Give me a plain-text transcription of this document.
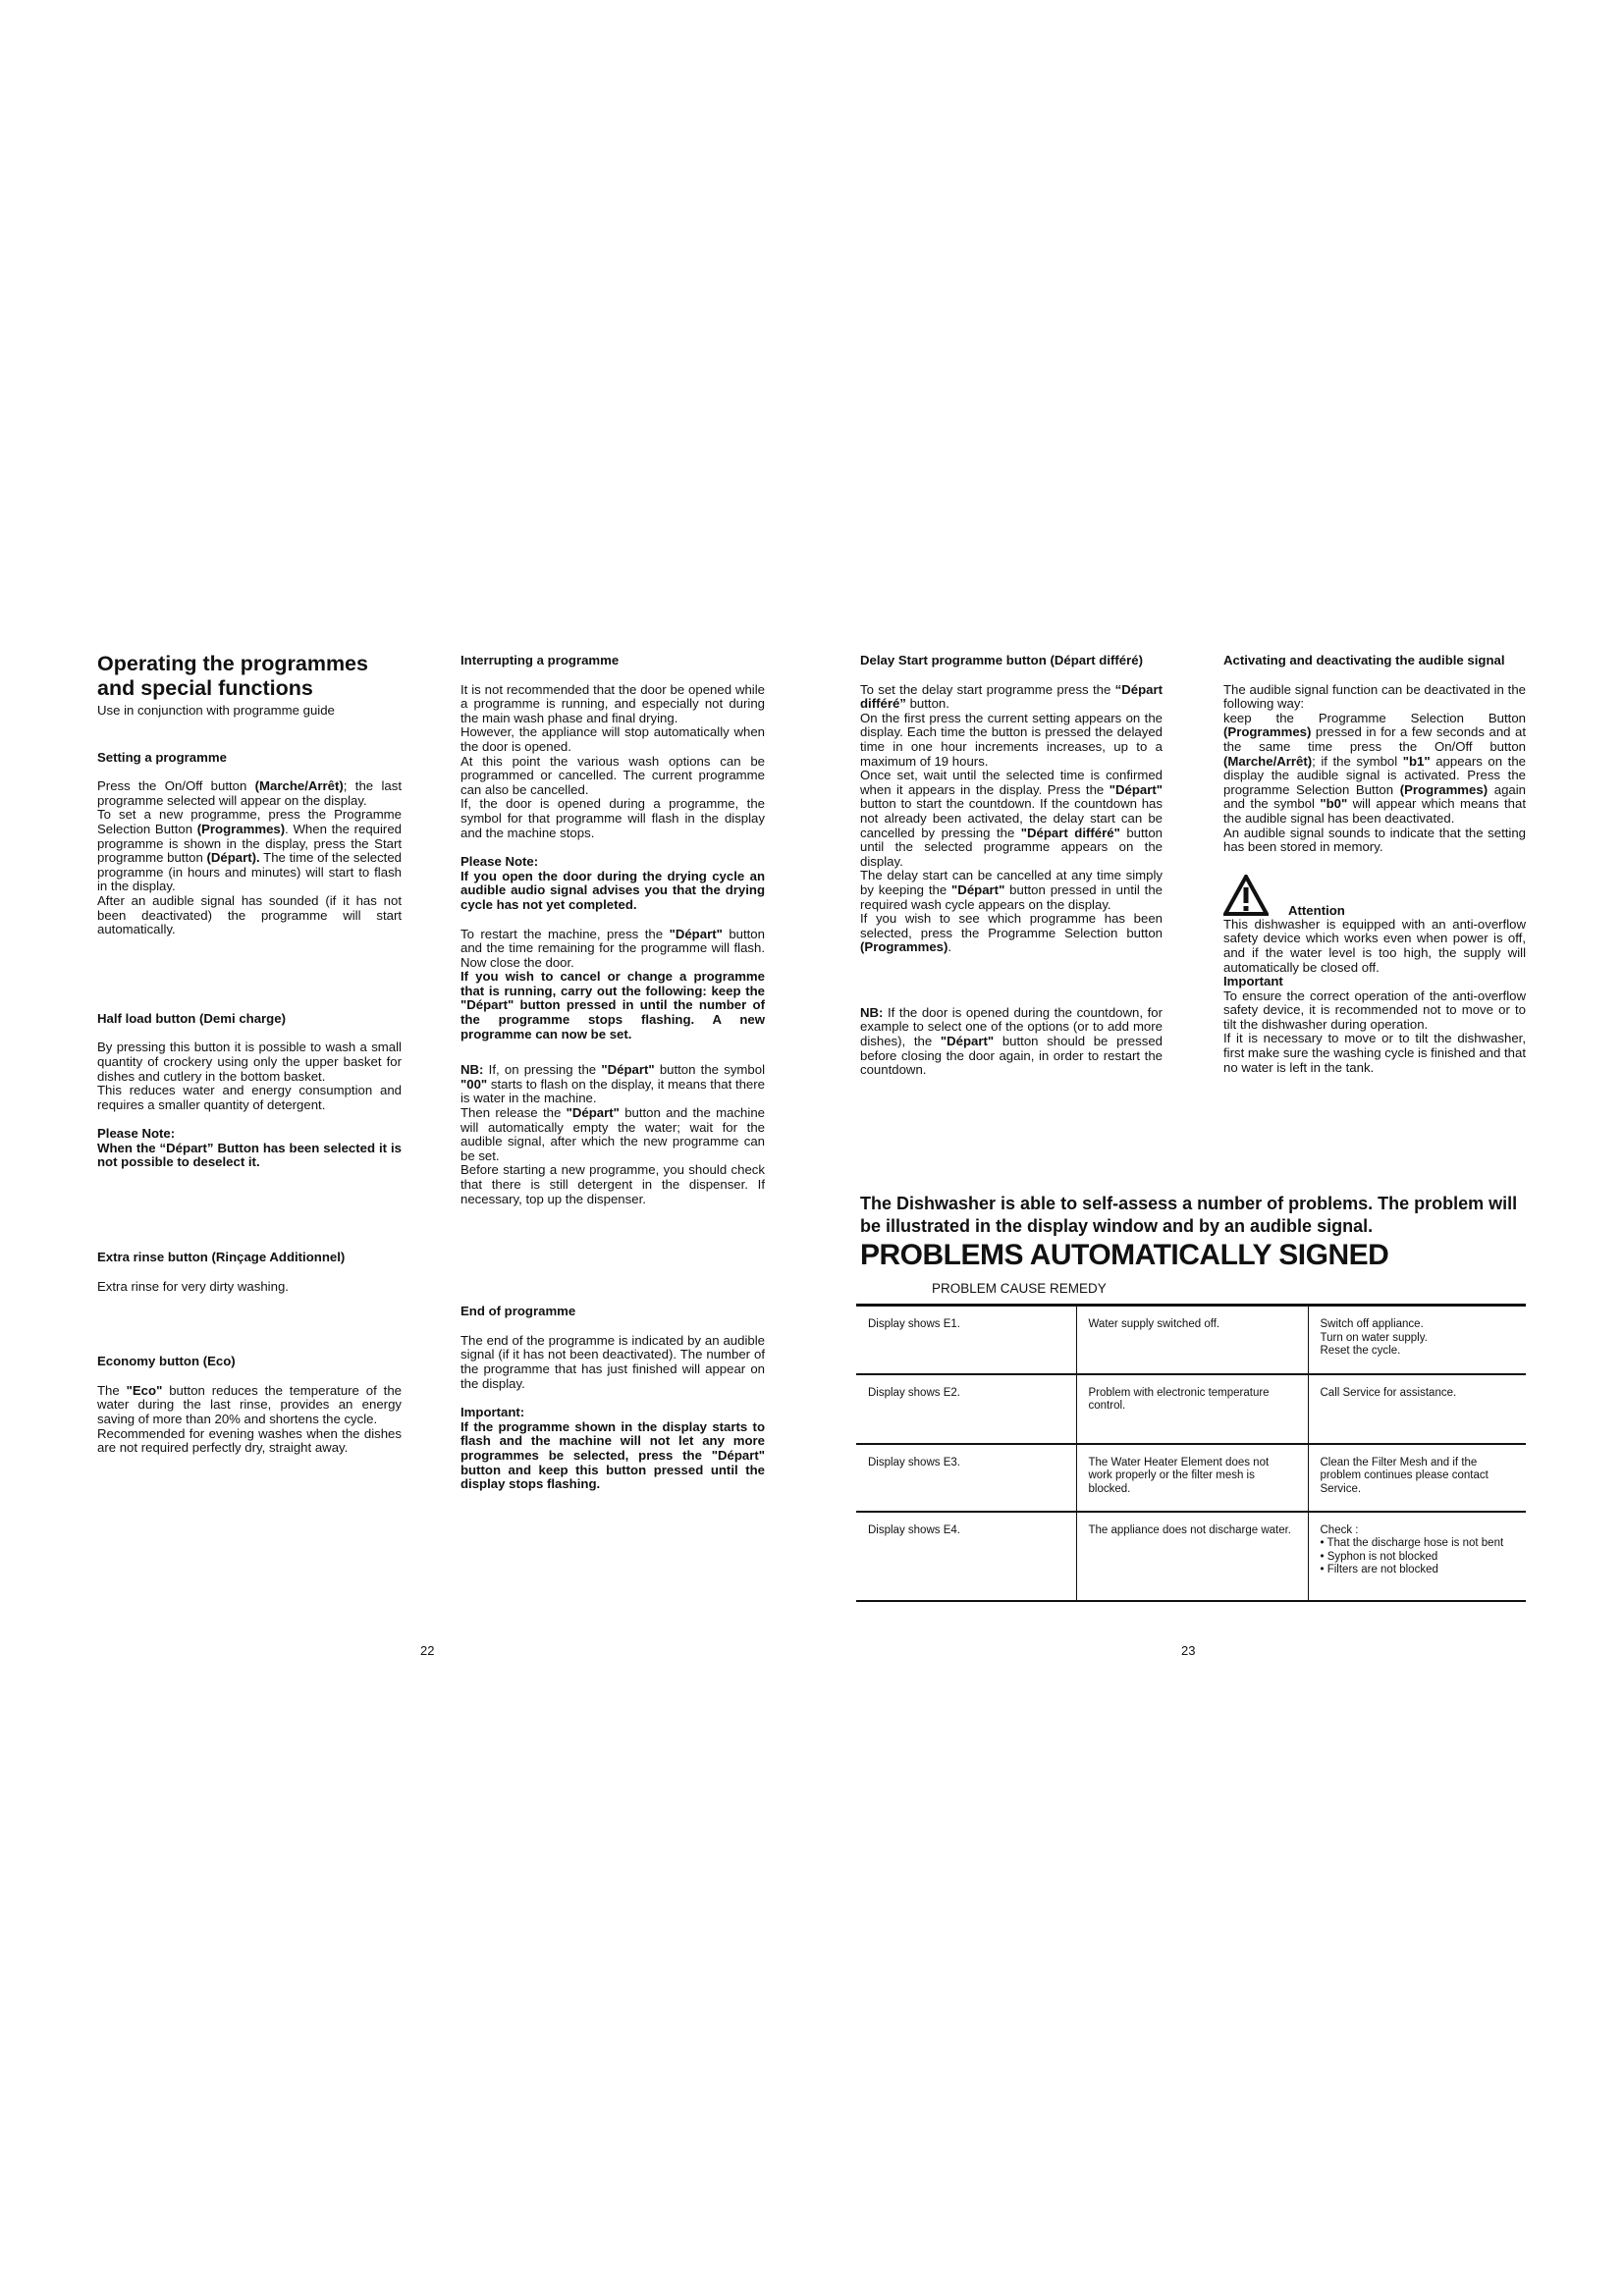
Operating the programmes

and special functions

Use in conjunction with programme guide

Setting a programme

Press the On/Off button (Marche/Arrêt); the last programme selected will appear on the display.

To set a new programme, press the Programme Selection Button (Programmes). When the required programme is shown in the display, press the Start programme button (Départ). The time of the selected programme (in hours and minutes) will start to flash in the display.

After an audible signal has sounded (if it has not been deactivated) the programme will start automatically.

Half load button (Demi charge)

By pressing this button it is possible to wash a small quantity of crockery using only the upper basket for dishes and cutlery in the bottom basket.

This reduces water and energy consumption and requires a smaller quantity of detergent.

Please Note:

When the “Départ” Button has been selected it is not possible to deselect it.

Extra rinse button (Rinçage Additionnel)

Extra rinse for very dirty washing.

Economy button (Eco)

The "Eco" button reduces the temperature of the water during the last rinse, provides an energy saving of more than 20% and shortens the cycle.

Recommended for evening washes when the dishes are not required perfectly dry, straight away.

Interrupting a programme

It is not recommended that the door be opened while a programme is running, and especially not during the main wash phase and final drying.

However, the appliance will stop automatically when the door is opened.

At this point the various wash options can be programmed or cancelled. The current programme can also be cancelled.

If, the door is opened during a programme, the symbol for that programme will flash in the display and the machine stops.

Please Note:

If you open the door during the drying cycle an audible audio signal advises you that the drying cycle has not yet completed.

To restart the machine, press the "Départ" button and the time remaining for the programme will flash. Now close the door.

If you wish to cancel or change a programme that is running, carry out the following: keep the "Départ" button pressed in until the number of the programme stops flashing. A new programme can now be set.

NB: If, on pressing the "Départ" button the symbol "00" starts to flash on the display, it means that there is water in the machine.

Then release the "Départ" button and the machine will automatically empty the water; wait for the audible signal, after which the new programme can be set.

Before starting a new programme, you should check that there is still detergent in the dispenser. If necessary, top up the dispenser.

End of programme

The end of the programme is indicated by an audible signal (if it has not been deactivated). The number of the programme that has just finished will appear on the display.

Important:

If the programme shown in the display starts to flash and the machine will not let any more programmes be selected, press the "Départ" button and keep this button pressed until the display stops flashing.

22

Delay Start programme button (Départ différé)

To set the delay start programme press the “Départ différé” button.

On the first press the current setting appears on the display. Each time the button is pressed the delayed time in one hour increments increases, up to a maximum of 19 hours.

Once set, wait until the selected time is confirmed when it appears in the display. Press the "Départ" button to start the countdown. If the countdown has not already been activated, the delay start can be cancelled by pressing the "Départ différé" button until the selected programme appears on the display.

The delay start can be cancelled at any time simply by keeping the "Départ" button pressed in until the required wash cycle appears on the display.

If you wish to see which programme has been selected, press the Programme Selection button (Programmes).

NB: If the door is opened during the countdown, for example to select one of the options (or to add more dishes), the "Départ" button should be pressed before closing the door again, in order to restart the countdown.

Activating and deactivating the audible signal

The audible signal function can be deactivated in the following way:

keep the Programme Selection Button (Programmes) pressed in for a few seconds and at the same time press the On/Off button (Marche/Arrêt); if the symbol "b1" appears on the display the audible signal is activated. Press the programme Selection Button (Programmes) again and the symbol "b0" will appear which means that the audible signal has been deactivated.

An audible signal sounds to indicate that the setting has been stored in memory.

Attention

This dishwasher is equipped with an anti-overflow safety device which works even when power is off, and if the water level is too high, the supply will automatically be closed off.

Important

To ensure the correct operation of the anti-overflow safety device, it is recommended not to move or to tilt the dishwasher during operation.

If it is necessary to move or to tilt the dishwasher, first make sure the washing cycle is finished and that no water is left in the tank.

The Dishwasher is able to self-assess a number of problems. The problem will be illustrated in the display window and by an audible signal.
PROBLEMS AUTOMATICALLY SIGNED
PROBLEM CAUSE REMEDY
Display shows E1.	Water supply switched off.	Switch off appliance.
Turn on water supply.
Reset the cycle.

Display shows E2.	Problem with electronic temperature control.	Call Service for assistance.

Display shows E3.	The Water Heater Element does not work properly or the filter mesh is blocked.	Clean the Filter Mesh and if the problem continues please contact Service.

Display shows E4.	The appliance does not discharge water.	Check :
• That the discharge hose is not bent
• Syphon is not blocked
• Filters are not blocked
23
